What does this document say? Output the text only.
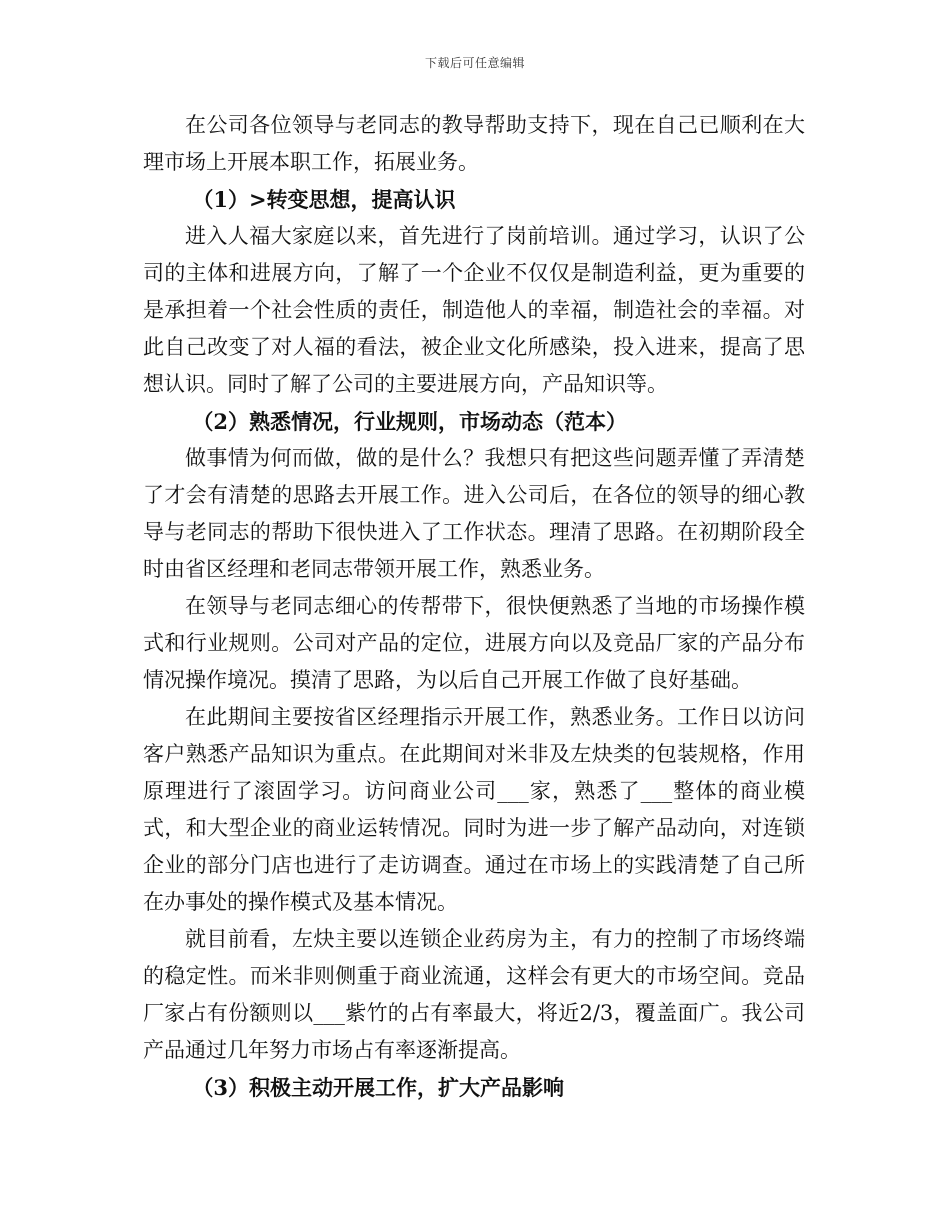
下载后可任意编辑

在公司各位领导与老同志的教导帮助支持下，现在自己已顺利在大理市场上开展本职工作，拓展业务。

（1）>转变思想，提高认识

进入人福大家庭以来，首先进行了岗前培训。通过学习，认识了公司的主体和进展方向，了解了一个企业不仅仅是制造利益，更为重要的是承担着一个社会性质的责任，制造他人的幸福，制造社会的幸福。对此自己改变了对人福的看法，被企业文化所感染，投入进来，提高了思想认识。同时了解了公司的主要进展方向，产品知识等。

（2）熟悉情况，行业规则，市场动态（范本）

做事情为何而做，做的是什么？我想只有把这些问题弄懂了弄清楚了才会有清楚的思路去开展工作。进入公司后，在各位的领导的细心教导与老同志的帮助下很快进入了工作状态。理清了思路。在初期阶段全时由省区经理和老同志带领开展工作，熟悉业务。

在领导与老同志细心的传帮带下，很快便熟悉了当地的市场操作模式和行业规则。公司对产品的定位，进展方向以及竞品厂家的产品分布情况操作境况。摸清了思路，为以后自己开展工作做了良好基础。

在此期间主要按省区经理指示开展工作，熟悉业务。工作日以访问客户熟悉产品知识为重点。在此期间对米非及左炔类的包装规格，作用原理进行了滚固学习。访问商业公司___家，熟悉了___整体的商业模式，和大型企业的商业运转情况。同时为进一步了解产品动向，对连锁企业的部分门店也进行了走访调查。通过在市场上的实践清楚了自己所在办事处的操作模式及基本情况。

就目前看，左炔主要以连锁企业药房为主，有力的控制了市场终端的稳定性。而米非则侧重于商业流通，这样会有更大的市场空间。竞品厂家占有份额则以___紫竹的占有率最大，将近2/3，覆盖面广。我公司产品通过几年努力市场占有率逐渐提高。

（3）积极主动开展工作，扩大产品影响
